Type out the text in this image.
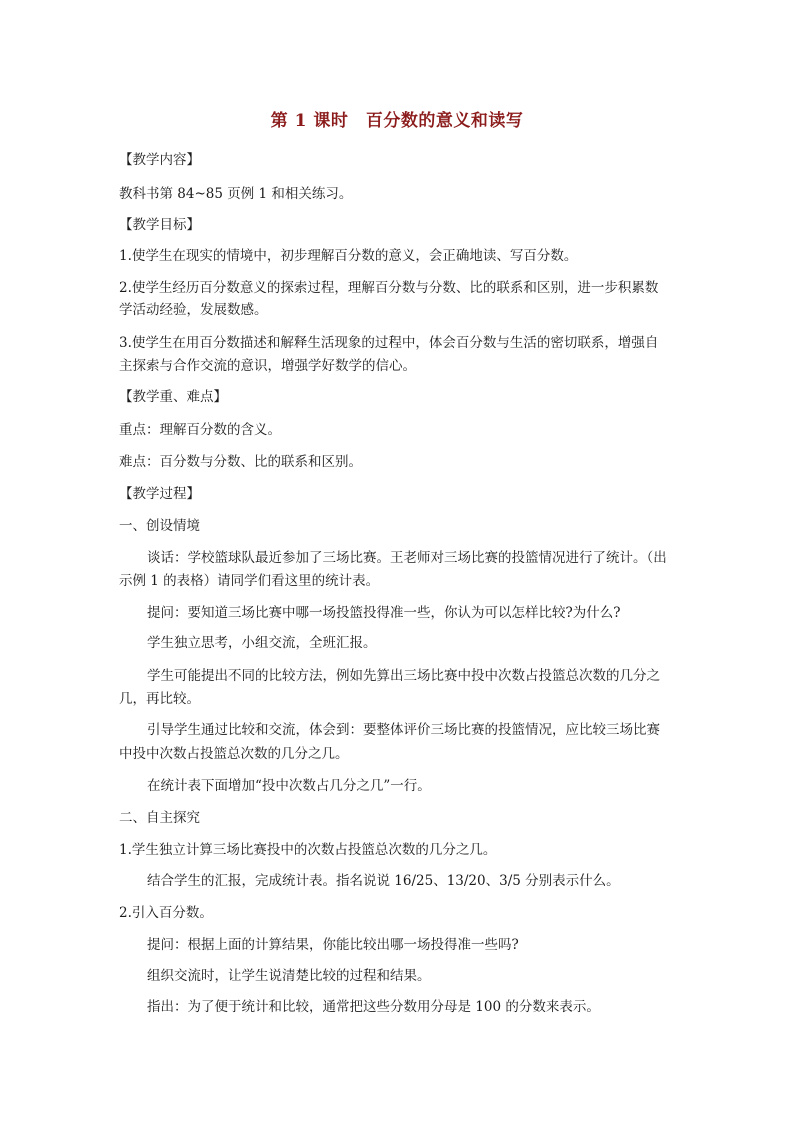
第 1 课时　百分数的意义和读写
【教学内容】
教科书第 84~85 页例 1 和相关练习。
【教学目标】
1.使学生在现实的情境中，初步理解百分数的意义，会正确地读、写百分数。
2.使学生经历百分数意义的探索过程，理解百分数与分数、比的联系和区别，进一步积累数
学活动经验，发展数感。
3.使学生在用百分数描述和解释生活现象的过程中，体会百分数与生活的密切联系，增强自
主探索与合作交流的意识，增强学好数学的信心。
【教学重、难点】
重点：理解百分数的含义。
难点：百分数与分数、比的联系和区别。
【教学过程】
一、创设情境
谈话：学校篮球队最近参加了三场比赛。王老师对三场比赛的投篮情况进行了统计。（出
示例 1 的表格）请同学们看这里的统计表。
提问：要知道三场比赛中哪一场投篮投得准一些，你认为可以怎样比较?为什么?
学生独立思考，小组交流，全班汇报。
学生可能提出不同的比较方法，例如先算出三场比赛中投中次数占投篮总次数的几分之
几，再比较。
引导学生通过比较和交流，体会到：要整体评价三场比赛的投篮情况，应比较三场比赛
中投中次数占投篮总次数的几分之几。
在统计表下面增加“投中次数占几分之几”一行。
二、自主探究
1.学生独立计算三场比赛投中的次数占投篮总次数的几分之几。
结合学生的汇报，完成统计表。指名说说 16/25、13/20、3/5 分别表示什么。
2.引入百分数。
提问：根据上面的计算结果，你能比较出哪一场投得准一些吗?
组织交流时，让学生说清楚比较的过程和结果。
指出：为了便于统计和比较，通常把这些分数用分母是 100 的分数来表示。
